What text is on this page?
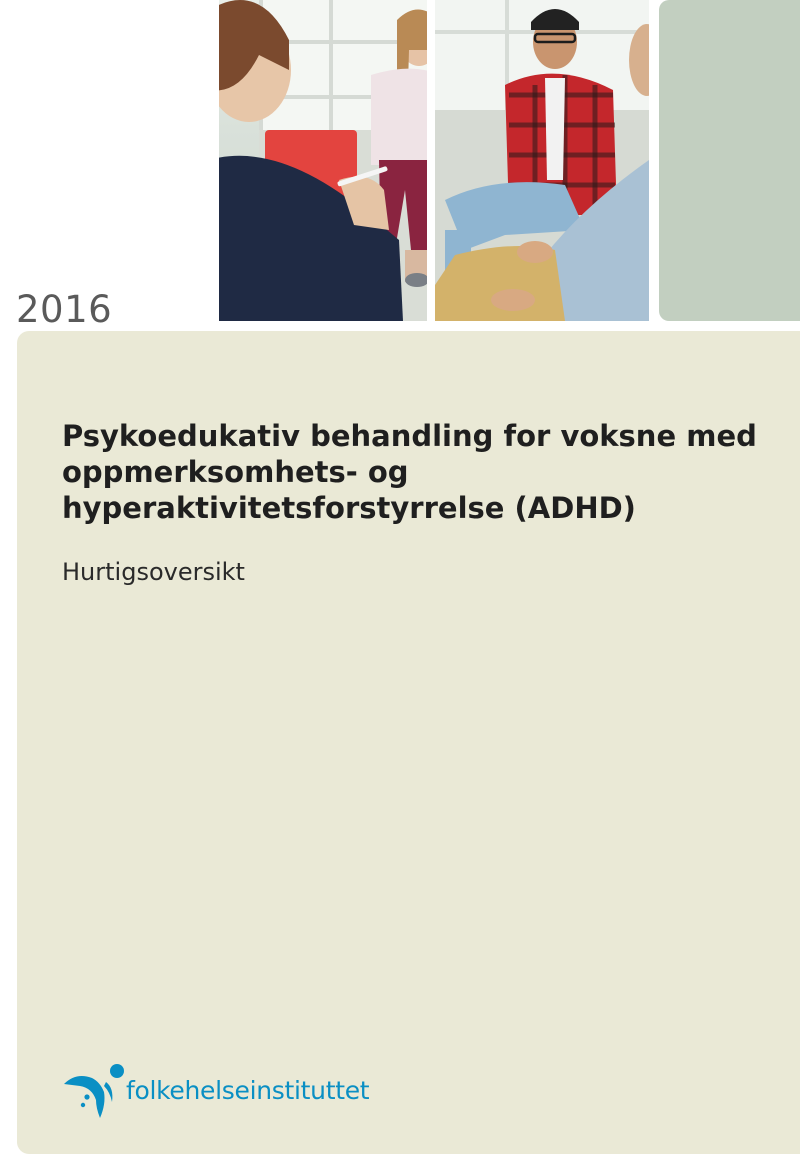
2016
Psykoedukativ behandling for voksne med oppmerksomhets- og hyperaktivitetsforstyrrelse (ADHD)

Hurtigsoversikt

folkehelseinstituttet
